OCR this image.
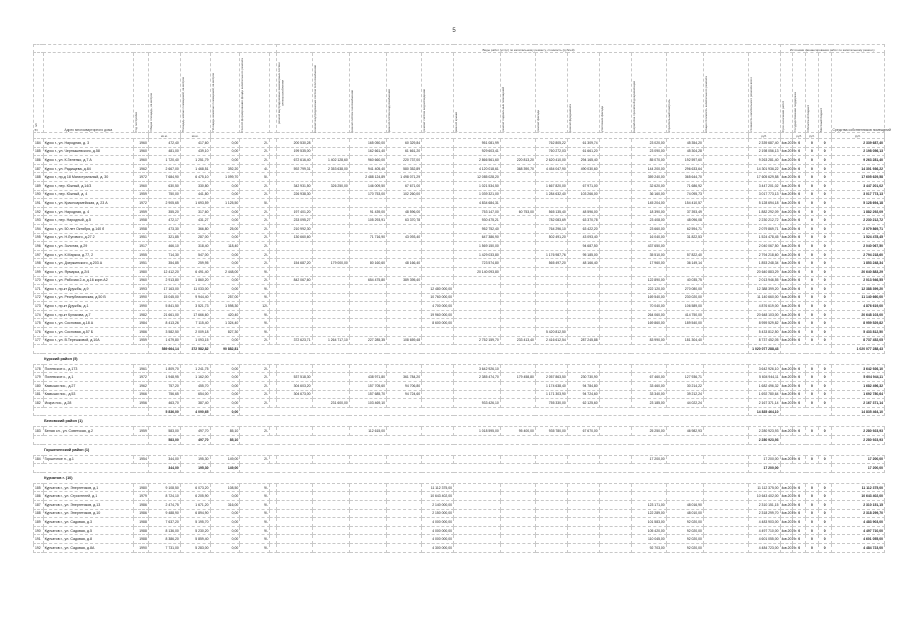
5
								Виды работ (услуг) по капитальному ремонту, стоимость (рублей)														Источники финансирования работ по капитальному ремонту				

№ п/п	Адрес многоквартирного дома	Год постройки	Общая площадь, кв.метров	Площадь жилых помещений, кв.метров	Площадь нежилых помещений, кв.метров	Способ формирования фонда капитального ремонта		ремонт внутридомовых инженерных систем электроснабжения	ремонт внутридомовых систем теплоснабжения	ремонт систем газоснабжения	ремонт систем водоснабжения	ремонт систем водоотведения	ремонт крыши	ремонт подвальных помещений	ремонт фасада	ремонт фундамента	утепление фасада	разработка проектной документации	строительный контроль	общая стоимость капитального ремонта	стоимость капитального ремонта всего	Срок окончания работ	Государственная поддержка	Областной бюджет	Местный бюджет	Средства собственников помещений
			кв.м.	кв.м.																	руб.		руб.	руб.		руб.
184	Курск г., ул. Народная, д. 3	1960	472,40	417,60	0,00	2/-		200 530,28		165 050,00	60 329,84		951 081,99		762 805,22	61 309,74		23 020,00	45 354,20		2 339 687,40	4кв.2019г.	0	0	0	2 339 687,40
185	Курск г., ул. Чернышевского, д.58	1960	481,00	439,10	0,00	2/-		199 535,00		162 661,40	61 661,20		929 603,41		760 272,03	61 661,20		23 090,00	45 304,28		2 198 056,13	4кв.2019г.	0	0	0	2 198 056,13
186	Курск г., ул. К.Зеленко, д.7 А	1960	1 720,40	1 251,79	0,00	2/-		672 616,40	1 402 128,60	960 660,00	220 737,00		2 866 561,60	220 813,20	2 620 410,00	294 165,40		85 070,00	192 597,60		9 263 281,40	4кв.2019г.	0	0	0	9 263 281,40
187	Курск г., ул. Радищева, д.84	1962	2 667,00	1 468,51	392,20	4/-		592 799,31	2 353 638,00	941 405,40	580 352,89		4 120 018,61	368 390,70	4 454 047,90	490 030,60		144 200,00	296 633,64		14 301 936,22	4кв.2019г.	0	0	0	14 301 936,22
188	Курск г., пр-д 18 Магистральный, д. 30	1972	7 684,90	6 475,10	1 099,70	5/-				2 488 124,89	1 498 071,29		12 085 028,20					359 240,00	365 644,70		17 605 629,58	4кв.2019г.	0	0	0	17 605 629,58
189	Курск г., пер. Южный, д.14/3	1960	630,50	330,80	0,00	2/-		342 931,50	326 250,00	146 009,50	67 671,00		1 021 534,50		1 667 820,00	67 971,00		32 620,00	71 686,92		3 447 201,02	4кв.2019г.	0	0	0	3 447 201,02
190	Курск г., пер. Южный, д. 4	1959	750,00	441,80	0,00	2/-		226 938,30		170 753,00	102 260,00		1 039 321,00		1 284 632,40	103 266,00		36 160,00	74 095,73		3 017 773,13	4кв.2019г.	0	0	0	3 017 773,13
191	Курск г., ул. Красноармейская, д. 23 А	1972	2 905,65	1 693,59	1 125,50	5/-							4 834 684,31					145 204,00	154 410,57		5 128 694,18	4кв.2019г.	0	0	0	5 128 694,18
192	Курск г., ул. Народная, д. 4	1959	355,20	317,60	0,00	2/-		197 401,20		91 439,00	48 596,00		753 147,00	60 753,00	565 135,40	48 596,00		18 390,00	37 393,49		1 882 292,09	4кв.2019г.	0	0	0	1 882 292,09
193	Курск г., пер. Народный, д.5	1958	472,17	431,27	0,00	2/-		233 095,27		105 293,91	63 370,78		930 475,21		782 083,69	63 370,78		23 408,00	48 096,08		2 230 212,72	4кв.2019г.	0	0	0	2 230 212,72
194	Курск г., ул. 50 лет Октября, д.140 б	1958	473,30	366,80	25,00	2/-		210 992,30					952 752,40		764 296,10	63 422,20		23 660,00	62 594,71		2 079 869,71	4кв.2019г.	0	0	0	2 079 869,71
195	Курск г., ул. Н.Лугового, д.27 2	1951	321,85	287,00	0,00	2/-		130 660,60		71 716,90	43 093,40		647 386,90		502 491,20	43 093,40		16 040,00	31 822,53		1 524 478,45	4кв.2019г.	0	0	0	1 524 478,45
196	Курск г., ул. Золотая, д.29	1917	466,10	318,40	118,40	2/-							1 569 150,00			94 687,50		437 650,00			2 040 067,50	4кв.2019г.	0	0	0	2 040 067,50
197	Курск г., ул. К.Маркса, д.77, 2	1955	714,30	547,00	0,00	2/-							1 429 033,80		1 176 987,76	95 185,00		35 510,00	57 822,40		2 794 218,60	4кв.2019г.	0	0	0	2 794 218,60
198	Курск г., ул. Дзержинского, д.203 А	1951	354,85	259,95	0,00	2/-		154 687,20	179 000,00	80 160,60	48 166,40		723 574,80		565 497,20	48 166,40		17 960,00	36 149,14		1 853 248,34	4кв.2019г.	0	0	0	1 853 248,34
199	Курск г., ул. Ярмарка, д.2/4	1980	12 412,20	6 491,40	2 448,00	9/-							20 140 093,80								20 640 883,29	4кв.2019г.	0	0	0	20 640 883,29
170	Курск г., ул. Рабочая 2-я, д.16 корп.А2	1960	2 913,80	1 860,20	0,00	2/-		842 067,60		654 475,80	389 395,40							122 890,00	40 035,75		2 013 946,55	4кв.2019г.	0	0	0	2 013 946,55
171	Курск г., пр-кт Дружбы, д.9	1993	17 163,00	11 033,00	0,00	9/-						12 480 000,00						222 120,00	270 080,00		12 388 399,20	4кв.2019г.	0	0	0	12 388 399,20
172	Курск г., ул. Республиканская, д.50 В	1990	15 045,00	9 944,40	257,00	9/-						10 760 000,00						169 540,00	230 020,00		11 140 660,00	4кв.2019г.	0	0	0	11 140 660,00
173	Курск г., пр-кт Дружбы, д.1	1990	5 841,50	3 521,73	1 598,30	12/-						4 700 000,00						70 040,00	106 589,00		4 876 619,00	4кв.2019г.	0	0	0	4 876 619,00
174	Курск г., пр-кт Кулакова, д.7	1982	21 661,00	17 666,60	420,40	9/-						19 960 000,00						264 060,00	414 750,00		20 648 103,00	4кв.2019г.	0	0	0	20 648 103,00
175	Курск г., ул. Сосновая, д.18 А	1984	8 413,26	7 115,40	1 324,40	9/-						8 600 000,00						169 860,00	189 540,00		8 959 529,82	4кв.2019г.	0	0	0	8 959 529,82
176	Курск г., ул. Сосновая, д.57 Б	1986	3 582,50	2 009,18	827,30	9/-									5 420 812,50						5 433 812,50	4кв.2019г.	0	0	0	5 433 812,50
177	Курск г., ул. В.Терешковой, д.10А	1959	1 679,80	1 093,15	0,00	2/-		372 623,71	1 264 717,10	227 285,35	108 659,48		2 752 159,70	233 413,40	2 416 612,54	287 245,88		83 990,00	181 304,40		8 737 452,05	4кв.2019г.	0	0	0	8 737 452,05
			589 664,14	372 582,82	90 882,81																1 020 077 288,43					1 020 077 288,43
	Курский район (5)																									
178	Полевское с., д.173	1961	1 809,70	1 241,75	0,00	2/-							3 642 926,10								3 642 926,10	4кв.2019г.	0	0	0	3 642 926,10
179	Полевское с., д.1	1972	1 948,95	1 162,00	0,00	2/-		537 518,30		438 971,80	361 784,20		2 385 474,70	179 458,80	2 057 863,50	230 730,90		67 460,00	127 936,71		5 604 944,11	4кв.2019г.	0	0	0	5 604 944,11
180	Камыши пос., д.27	1962	757,20	455,70	0,00	2/-		304 603,20		157 705,60	94 706,80				1 174 638,40	94 784,80		33 460,00	30 214,22		1 682 496,32	4кв.2019г.	0	0	0	1 682 496,32
181	Камыши пос., д.53	1966	756,65	654,00	0,00	2/-		304 673,00		157 685,70	94 724,60				1 171 303,90	94 724,60		33 340,00	39 212,24		1 692 780,64	4кв.2019г.	0	0	0	1 692 780,64
182	Искра пос., д.28	1956	463,70	387,40	0,00	2/-			231 600,00	103 469,10			933 426,10		755 330,00	62 125,60		23 185,00	44 022,24		2 167 371,14	4кв.2019г.	0	0	0	2 167 371,14
			5 836,00	4 090,65	0,00																14 835 464,10					14 835 464,10
	Беловский район (1)																									
183	Белая сл., ул. Советская, д.2	1959	583,00	497,70	85,10	2/-				112 615,00			1 018 595,00	95 400,00	935 780,00	67 670,00		25 250,00	46 982,93		2 280 923,93	4кв.2019г.	0	0	0	2 280 923,93
			583,00	497,70	85,10																2 280 923,93					2 280 923,93
	Горшеченский район (1)																									
184	Горшечное п., д.1	1954	344,00	195,30	149,00	2/-												17 200,00			17 200,00	4кв.2019г.	0	0	0	17 200,00
			344,00	195,30	149,00																17 200,00					17 200,00
	Курчатов г. (10)																									
185	Курчатов г., ул. Энергетиков, д.1	1980	9 108,50	6 073,20	108,50	9/-						11 112 375,00									11 112 375,00	4кв.2019г.	0	0	0	11 112 375,00
186	Курчатов г., ул. Строителей, д.1	1979	8 724,10	6 205,90	0,00	9/-						10 643 402,00									10 643 402,00	4кв.2019г.	0	0	0	10 643 402,00
187	Курчатов г., ул. Энергетиков, д.13	1986	2 474,75	1 671,20	316,00	9/-						2 140 000,00						123 171,00	48 016,90		2 310 151,15	4кв.2019г.	0	0	0	2 310 151,15
188	Курчатов г., ул. Энергетиков, д.10	1986	9 488,90	6 894,90	0,00	9/-						2 150 000,00						122 289,00	48 010,00		2 318 299,70	4кв.2019г.	0	0	0	2 318 299,70
189	Курчатов г., ул. Садовая, д.3	1988	7 637,20	5 195,70	0,00	9/-						4 000 000,00						101 583,00	92 020,00		4 483 903,00	4кв.2019г.	0	0	0	4 483 903,00
190	Курчатов г., ул. Садовая, д.5	1988	8 136,00	5 230,20	0,00	9/-						4 000 000,00						105 420,00	92 020,00		4 497 710,00	4кв.2019г.	0	0	0	4 497 710,00
191	Курчатов г., ул. Садовая, д.8	1988	8 386,20	5 859,40	0,00	9/-						4 000 000,00						110 045,00	92 020,00		4 601 055,00	4кв.2019г.	0	0	0	4 601 055,00
192	Курчатов г., ул. Садовая, д.8А	1990	7 731,00	5 283,00	0,00	9/-						4 300 000,00						92 703,00	92 020,00		4 484 723,00	4кв.2019г.	0	0	0	4 484 723,00
